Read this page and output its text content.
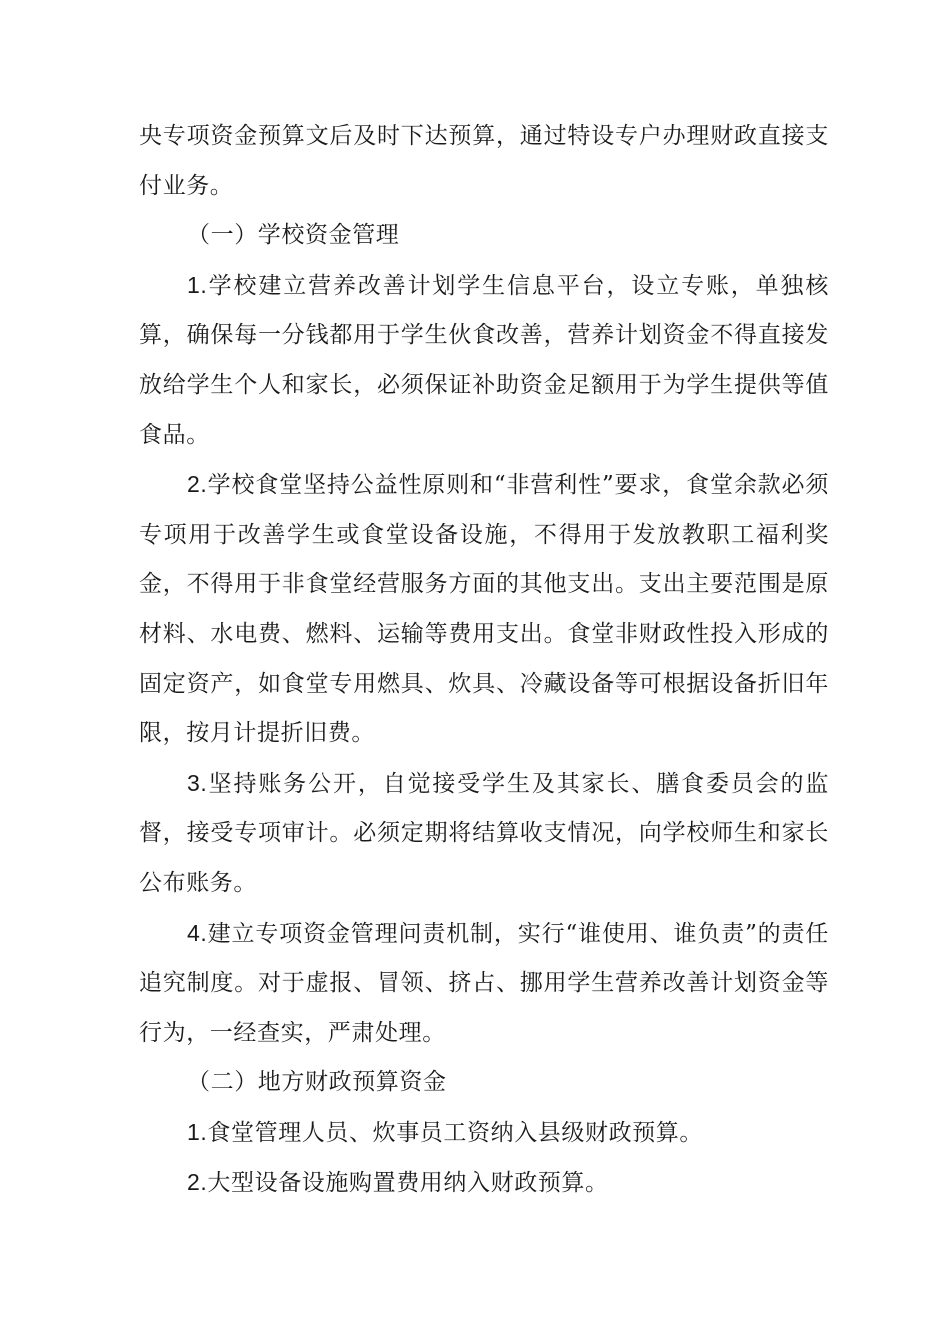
央专项资金预算文后及时下达预算，通过特设专户办理财政直接支付业务。

（一）学校资金管理

1.学校建立营养改善计划学生信息平台，设立专账，单独核算，确保每一分钱都用于学生伙食改善，营养计划资金不得直接发放给学生个人和家长，必须保证补助资金足额用于为学生提供等值食品。

2.学校食堂坚持公益性原则和“非营利性”要求，食堂余款必须专项用于改善学生或食堂设备设施，不得用于发放教职工福利奖金，不得用于非食堂经营服务方面的其他支出。支出主要范围是原材料、水电费、燃料、运输等费用支出。食堂非财政性投入形成的固定资产，如食堂专用燃具、炊具、冷藏设备等可根据设备折旧年限，按月计提折旧费。

3.坚持账务公开，自觉接受学生及其家长、膳食委员会的监督，接受专项审计。必须定期将结算收支情况，向学校师生和家长公布账务。

4.建立专项资金管理问责机制，实行“谁使用、谁负责”的责任追究制度。对于虚报、冒领、挤占、挪用学生营养改善计划资金等行为，一经查实，严肃处理。

（二）地方财政预算资金

1.食堂管理人员、炊事员工资纳入县级财政预算。

2.大型设备设施购置费用纳入财政预算。
